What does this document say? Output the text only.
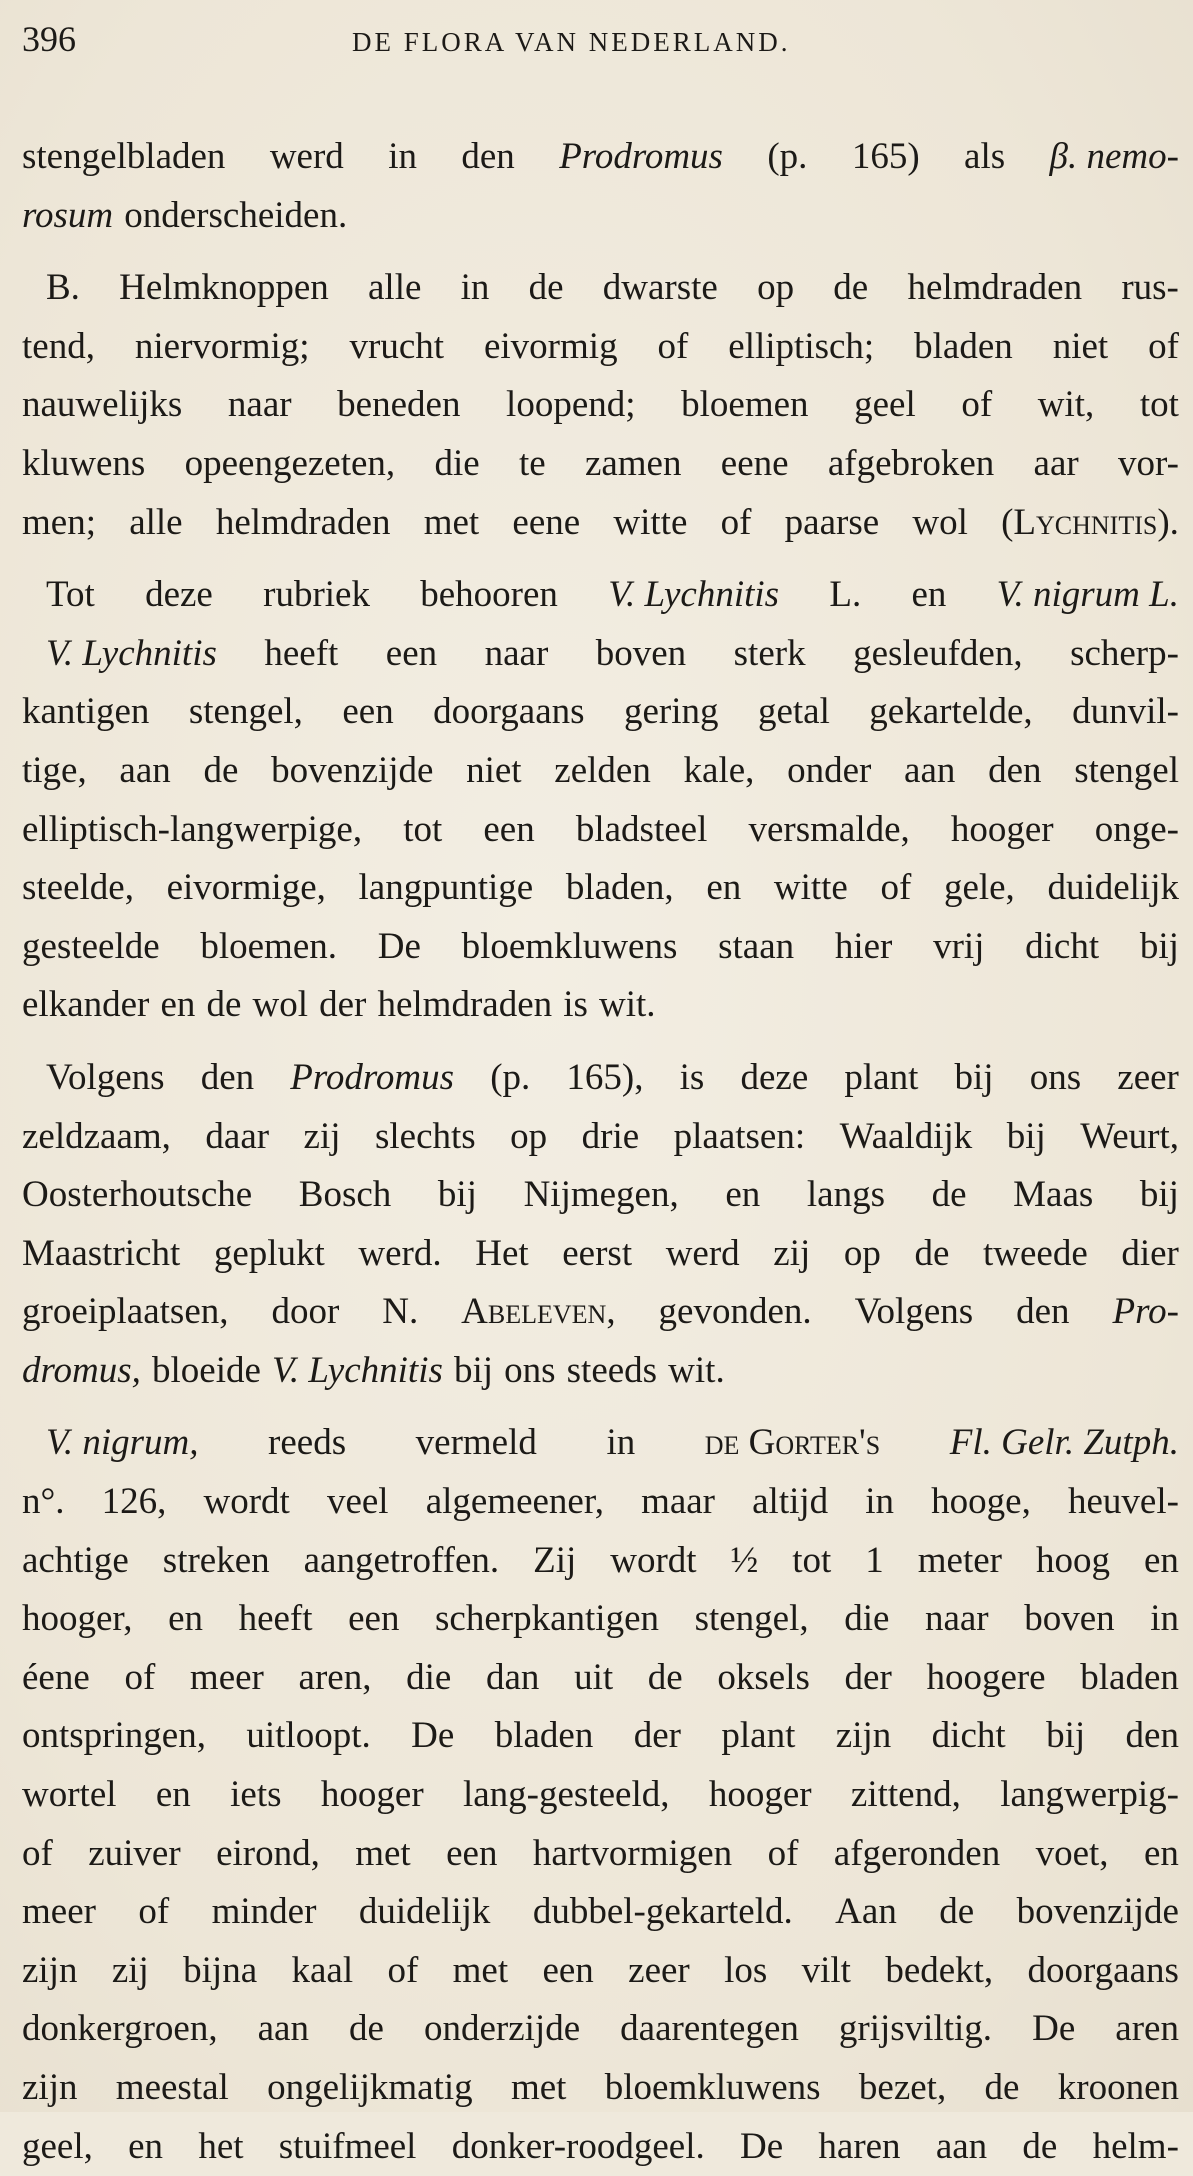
396	DE FLORA VAN NEDERLAND.
stengelbladen werd in den Prodromus (p. 165) als β. nemo-
rosum onderscheiden.
B. Helmknoppen alle in de dwarste op de helmdraden rus-
tend, niervormig; vrucht eivormig of elliptisch; bladen niet of
nauwelijks naar beneden loopend; bloemen geel of wit, tot
kluwens opeengezeten, die te zamen eene afgebroken aar vor-
men; alle helmdraden met eene witte of paarse wol (Lychnitis).
Tot deze rubriek behooren V. Lychnitis L. en V. nigrum L.
V. Lychnitis heeft een naar boven sterk gesleufden, scherp-
kantigen stengel, een doorgaans gering getal gekartelde, dunvil-
tige, aan de bovenzijde niet zelden kale, onder aan den stengel
elliptisch-langwerpige, tot een bladsteel versmalde, hooger onge-
steelde, eivormige, langpuntige bladen, en witte of gele, duidelijk
gesteelde bloemen. De bloemkluwens staan hier vrij dicht bij
elkander en de wol der helmdraden is wit.
Volgens den Prodromus (p. 165), is deze plant bij ons zeer
zeldzaam, daar zij slechts op drie plaatsen: Waaldijk bij Weurt,
Oosterhoutsche Bosch bij Nijmegen, en langs de Maas bij
Maastricht geplukt werd. Het eerst werd zij op de tweede dier
groeiplaatsen, door N. Abeleven, gevonden. Volgens den Pro-
dromus, bloeide V. Lychnitis bij ons steeds wit.
V. nigrum, reeds vermeld in de Gorter's Fl. Gelr. Zutph.
n°. 126, wordt veel algemeener, maar altijd in hooge, heuvel-
achtige streken aangetroffen. Zij wordt ½ tot 1 meter hoog en
hooger, en heeft een scherpkantigen stengel, die naar boven in
éene of meer aren, die dan uit de oksels der hoogere bladen
ontspringen, uitloopt. De bladen der plant zijn dicht bij den
wortel en iets hooger lang-gesteeld, hooger zittend, langwerpig-
of zuiver eirond, met een hartvormigen of afgeronden voet, en
meer of minder duidelijk dubbel-gekarteld. Aan de bovenzijde
zijn zij bijna kaal of met een zeer los vilt bedekt, doorgaans
donkergroen, aan de onderzijde daarentegen grijsviltig. De aren
zijn meestal ongelijkmatig met bloemkluwens bezet, de kroonen
geel, en het stuifmeel donker-roodgeel. De haren aan de helm-
